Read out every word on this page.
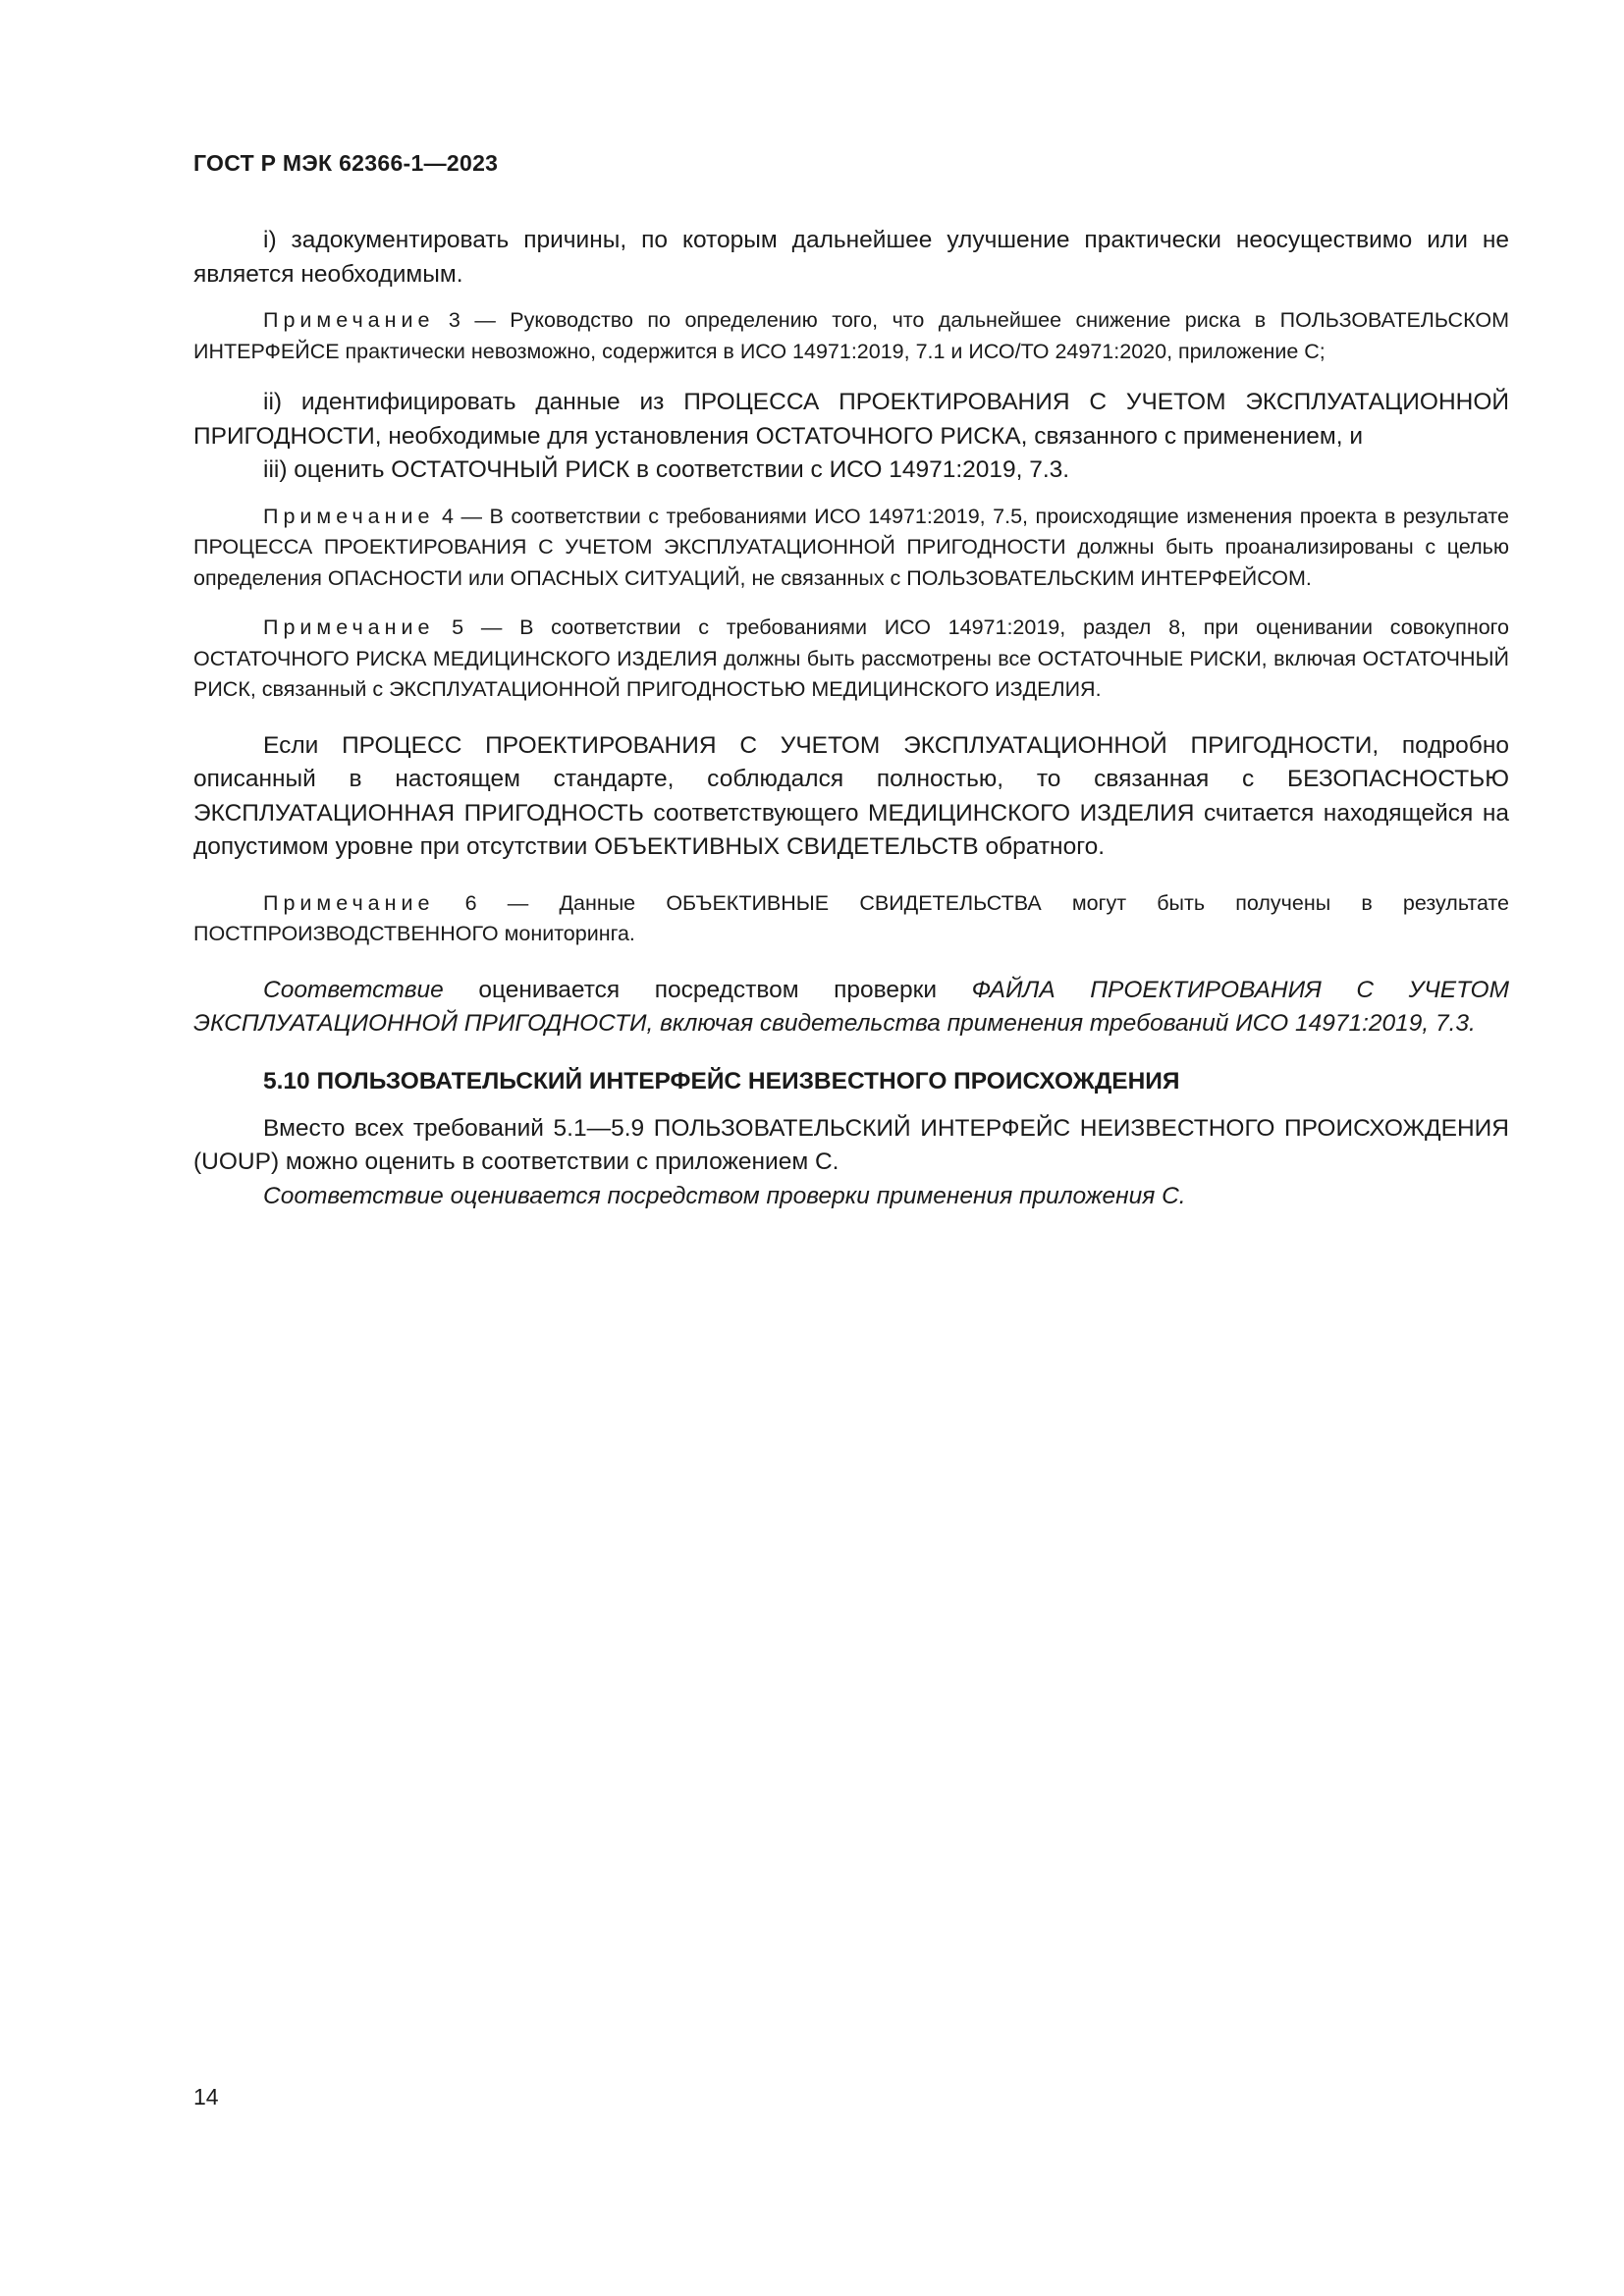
ГОСТ Р МЭК 62366-1—2023

i) задокументировать причины, по которым дальнейшее улучшение практически неосуществимо или не является необходимым.

Примечание 3 — Руководство по определению того, что дальнейшее снижение риска в ПОЛЬЗОВАТЕЛЬСКОМ ИНТЕРФЕЙСЕ практически невозможно, содержится в ИСО 14971:2019, 7.1 и ИСО/ТО 24971:2020, приложение С;

ii) идентифицировать данные из ПРОЦЕССА ПРОЕКТИРОВАНИЯ С УЧЕТОМ ЭКСПЛУАТАЦИОННОЙ ПРИГОДНОСТИ, необходимые для установления ОСТАТОЧНОГО РИСКА, связанного с применением, и

iii) оценить ОСТАТОЧНЫЙ РИСК в соответствии с ИСО 14971:2019, 7.3.

Примечание 4 — В соответствии с требованиями ИСО 14971:2019, 7.5, происходящие изменения проекта в результате ПРОЦЕССА ПРОЕКТИРОВАНИЯ С УЧЕТОМ ЭКСПЛУАТАЦИОННОЙ ПРИГОДНОСТИ должны быть проанализированы с целью определения ОПАСНОСТИ или ОПАСНЫХ СИТУАЦИЙ, не связанных с ПОЛЬЗОВАТЕЛЬСКИМ ИНТЕРФЕЙСОМ.

Примечание 5 — В соответствии с требованиями ИСО 14971:2019, раздел 8, при оценивании совокупного ОСТАТОЧНОГО РИСКА МЕДИЦИНСКОГО ИЗДЕЛИЯ должны быть рассмотрены все ОСТАТОЧНЫЕ РИСКИ, включая ОСТАТОЧНЫЙ РИСК, связанный с ЭКСПЛУАТАЦИОННОЙ ПРИГОДНОСТЬЮ МЕДИЦИНСКОГО ИЗДЕЛИЯ.

Если ПРОЦЕСС ПРОЕКТИРОВАНИЯ С УЧЕТОМ ЭКСПЛУАТАЦИОННОЙ ПРИГОДНОСТИ, подробно описанный в настоящем стандарте, соблюдался полностью, то связанная с БЕЗОПАСНОСТЬЮ ЭКСПЛУАТАЦИОННАЯ ПРИГОДНОСТЬ соответствующего МЕДИЦИНСКОГО ИЗДЕЛИЯ считается находящейся на допустимом уровне при отсутствии ОБЪЕКТИВНЫХ СВИДЕТЕЛЬСТВ обратного.

Примечание 6 — Данные ОБЪЕКТИВНЫЕ СВИДЕТЕЛЬСТВА могут быть получены в результате ПОСТПРОИЗВОДСТВЕННОГО мониторинга.

Соответствие оценивается посредством проверки ФАЙЛА ПРОЕКТИРОВАНИЯ С УЧЕТОМ ЭКСПЛУАТАЦИОННОЙ ПРИГОДНОСТИ, включая свидетельства применения требований ИСО 14971:2019, 7.3.

5.10 ПОЛЬЗОВАТЕЛЬСКИЙ ИНТЕРФЕЙС НЕИЗВЕСТНОГО ПРОИСХОЖДЕНИЯ

Вместо всех требований 5.1—5.9 ПОЛЬЗОВАТЕЛЬСКИЙ ИНТЕРФЕЙС НЕИЗВЕСТНОГО ПРОИСХОЖДЕНИЯ (UOUP) можно оценить в соответствии с приложением С.

Соответствие оценивается посредством проверки применения приложения С.

14
